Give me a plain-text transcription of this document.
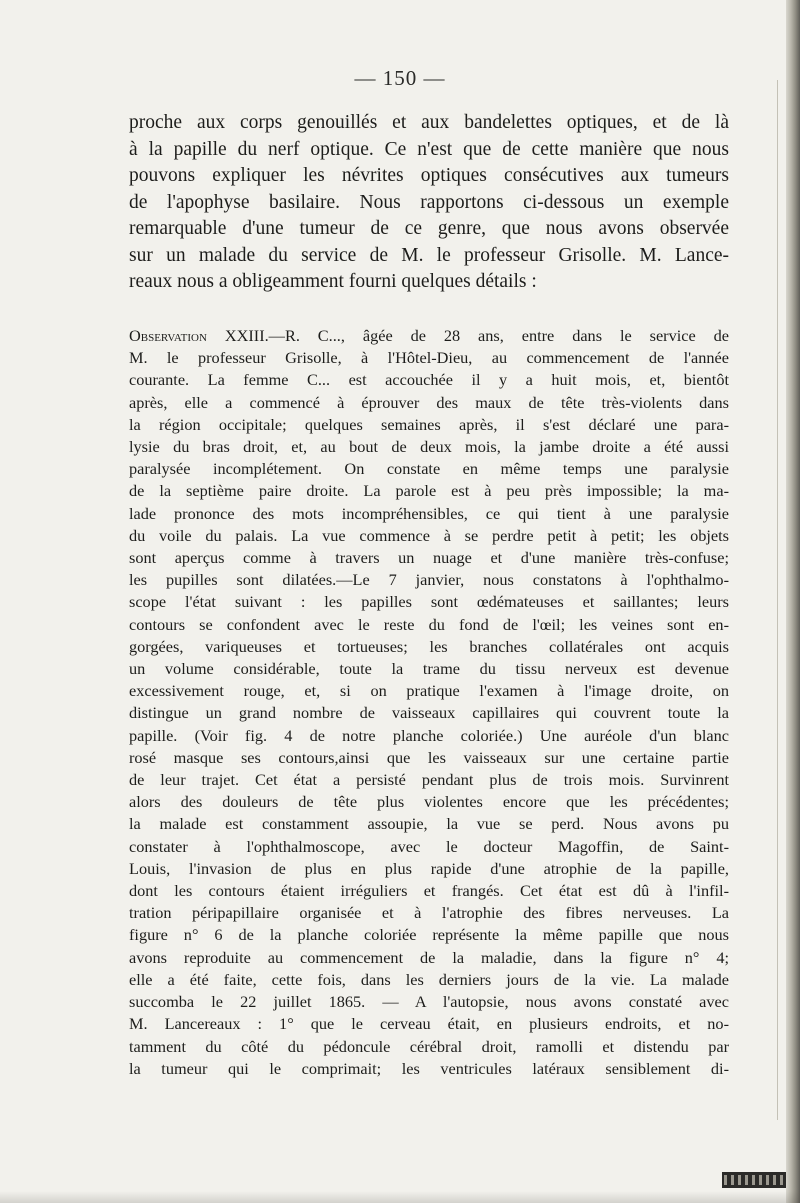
— 150 —
proche aux corps genouillés et aux bandelettes optiques, et de là
à la papille du nerf optique. Ce n'est que de cette manière que nous
pouvons expliquer les névrites optiques consécutives aux tumeurs
de l'apophyse basilaire. Nous rapportons ci-dessous un exemple
remarquable d'une tumeur de ce genre, que nous avons observée
sur un malade du service de M. le professeur Grisolle. M. Lance-
reaux nous a obligeamment fourni quelques détails :
Observation XXIII.—R. C..., âgée de 28 ans, entre dans le service de
M. le professeur Grisolle, à l'Hôtel-Dieu, au commencement de l'année
courante. La femme C... est accouchée il y a huit mois, et, bientôt
après, elle a commencé à éprouver des maux de tête très-violents dans
la région occipitale; quelques semaines après, il s'est déclaré une para-
lysie du bras droit, et, au bout de deux mois, la jambe droite a été aussi
paralysée incomplétement. On constate en même temps une paralysie
de la septième paire droite. La parole est à peu près impossible; la ma-
lade prononce des mots incompréhensibles, ce qui tient à une paralysie
du voile du palais. La vue commence à se perdre petit à petit; les objets
sont aperçus comme à travers un nuage et d'une manière très-confuse;
les pupilles sont dilatées.—Le 7 janvier, nous constatons à l'ophthalmo-
scope l'état suivant : les papilles sont œdémateuses et saillantes; leurs
contours se confondent avec le reste du fond de l'œil; les veines sont en-
gorgées, variqueuses et tortueuses; les branches collatérales ont acquis
un volume considérable, toute la trame du tissu nerveux est devenue
excessivement rouge, et, si on pratique l'examen à l'image droite, on
distingue un grand nombre de vaisseaux capillaires qui couvrent toute la
papille. (Voir fig. 4 de notre planche coloriée.) Une auréole d'un blanc
rosé masque ses contours,ainsi que les vaisseaux sur une certaine partie
de leur trajet. Cet état a persisté pendant plus de trois mois. Survinrent
alors des douleurs de tête plus violentes encore que les précédentes;
la malade est constamment assoupie, la vue se perd. Nous avons pu
constater à l'ophthalmoscope, avec le docteur Magoffin, de Saint-
Louis, l'invasion de plus en plus rapide d'une atrophie de la papille,
dont les contours étaient irréguliers et frangés. Cet état est dû à l'infil-
tration péripapillaire organisée et à l'atrophie des fibres nerveuses. La
figure n° 6 de la planche coloriée représente la même papille que nous
avons reproduite au commencement de la maladie, dans la figure n° 4;
elle a été faite, cette fois, dans les derniers jours de la vie. La malade
succomba le 22 juillet 1865. — A l'autopsie, nous avons constaté avec
M. Lancereaux : 1° que le cerveau était, en plusieurs endroits, et no-
tamment du côté du pédoncule cérébral droit, ramolli et distendu par
la tumeur qui le comprimait; les ventricules latéraux sensiblement di-
